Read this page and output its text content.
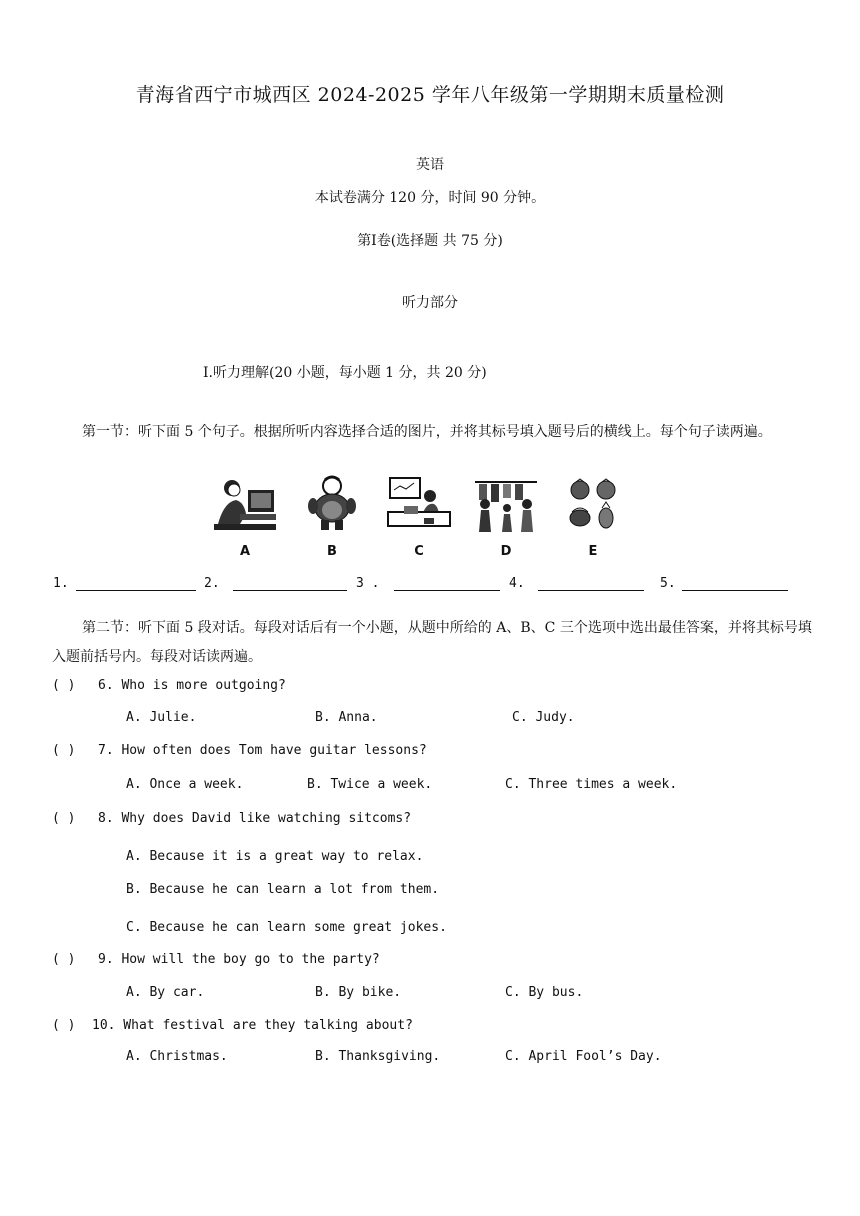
青海省西宁市城西区 2024-2025 学年八年级第一学期期末质量检测
英语
本试卷满分 120 分，时间 90 分钟。
第Ⅰ卷(选择题 共 75 分)
听力部分
Ⅰ.听力理解(20 小题，每小题 1 分，共 20 分)
第一节：听下面 5 个句子。根据所听内容选择合适的图片，并将其标号填入题号后的横线上。每个句子读两遍。
A	B	C	D	E
1.	2.	3 .	4.	5.
第二节：听下面 5 段对话。每段对话后有一个小题，从题中所给的 A、B、C 三个选项中选出最佳答案，并将其标号填入题前括号内。每段对话读两遍。
( ) 6. Who is more outgoing?
A. Julie.	B. Anna.	C. Judy.
( ) 7. How often does Tom have guitar lessons?
A. Once a week.	B. Twice a week.	C. Three times a week.
( ) 8. Why does David like watching sitcoms?
A. Because it is a great way to relax.
B. Because he can learn a lot from them.
C. Because he can learn some great jokes.
( ) 9. How will the boy go to the party?
A. By car.	B. By bike.	C. By bus.
( ) 10. What festival are they talking about?
A. Christmas.	B. Thanksgiving.	C. April Fool’s Day.
